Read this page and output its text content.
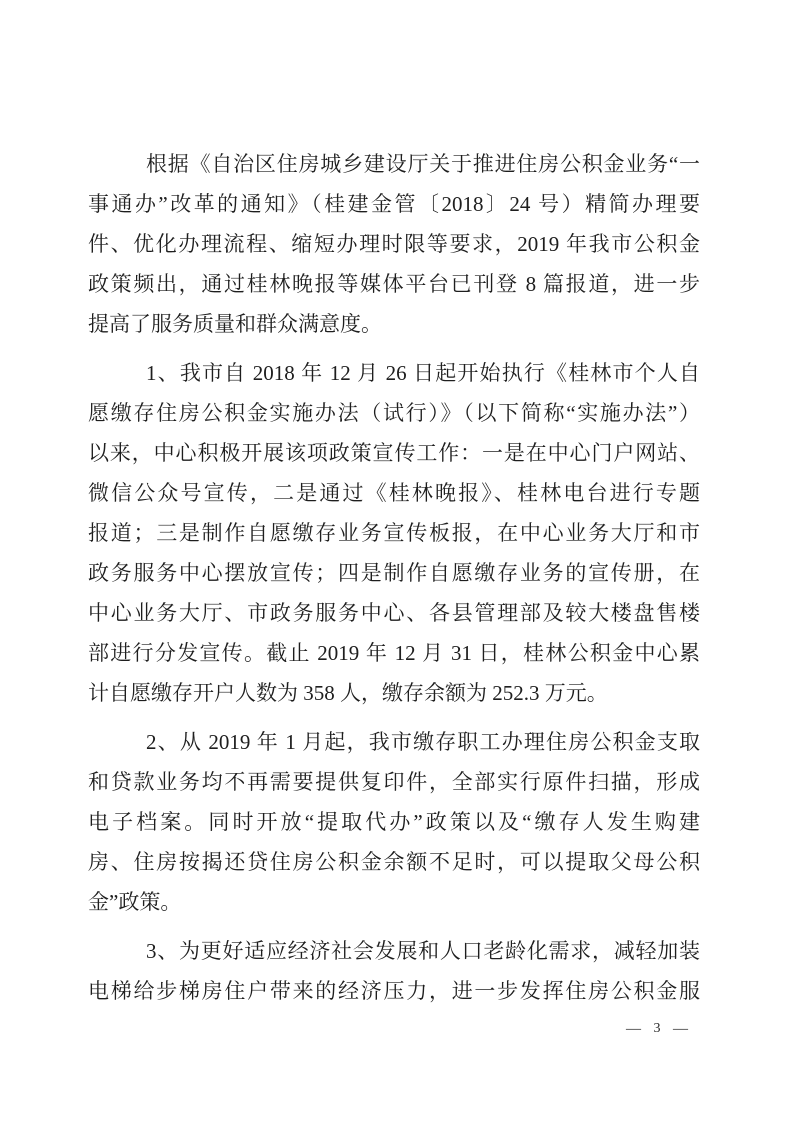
根据《自治区住房城乡建设厅关于推进住房公积金业务“一
事通办”改革的通知》（桂建金管〔2018〕24 号）精简办理要
件、优化办理流程、缩短办理时限等要求，2019 年我市公积金
政策频出，通过桂林晚报等媒体平台已刊登 8 篇报道，进一步
提高了服务质量和群众满意度。
1、我市自 2018 年 12 月 26 日起开始执行《桂林市个人自
愿缴存住房公积金实施办法（试行）》（以下简称“实施办法”）
以来，中心积极开展该项政策宣传工作：一是在中心门户网站、
微信公众号宣传，二是通过《桂林晚报》、桂林电台进行专题
报道；三是制作自愿缴存业务宣传板报，在中心业务大厅和市
政务服务中心摆放宣传；四是制作自愿缴存业务的宣传册，在
中心业务大厅、市政务服务中心、各县管理部及较大楼盘售楼
部进行分发宣传。截止 2019 年 12 月 31 日，桂林公积金中心累
计自愿缴存开户人数为 358 人，缴存余额为 252.3 万元。
2、从 2019 年 1 月起，我市缴存职工办理住房公积金支取
和贷款业务均不再需要提供复印件，全部实行原件扫描，形成
电子档案。同时开放“提取代办”政策以及“缴存人发生购建
房、住房按揭还贷住房公积金余额不足时，可以提取父母公积
金”政策。
3、为更好适应经济社会发展和人口老龄化需求，减轻加装
电梯给步梯房住户带来的经济压力，进一步发挥住房公积金服
— 3 —
